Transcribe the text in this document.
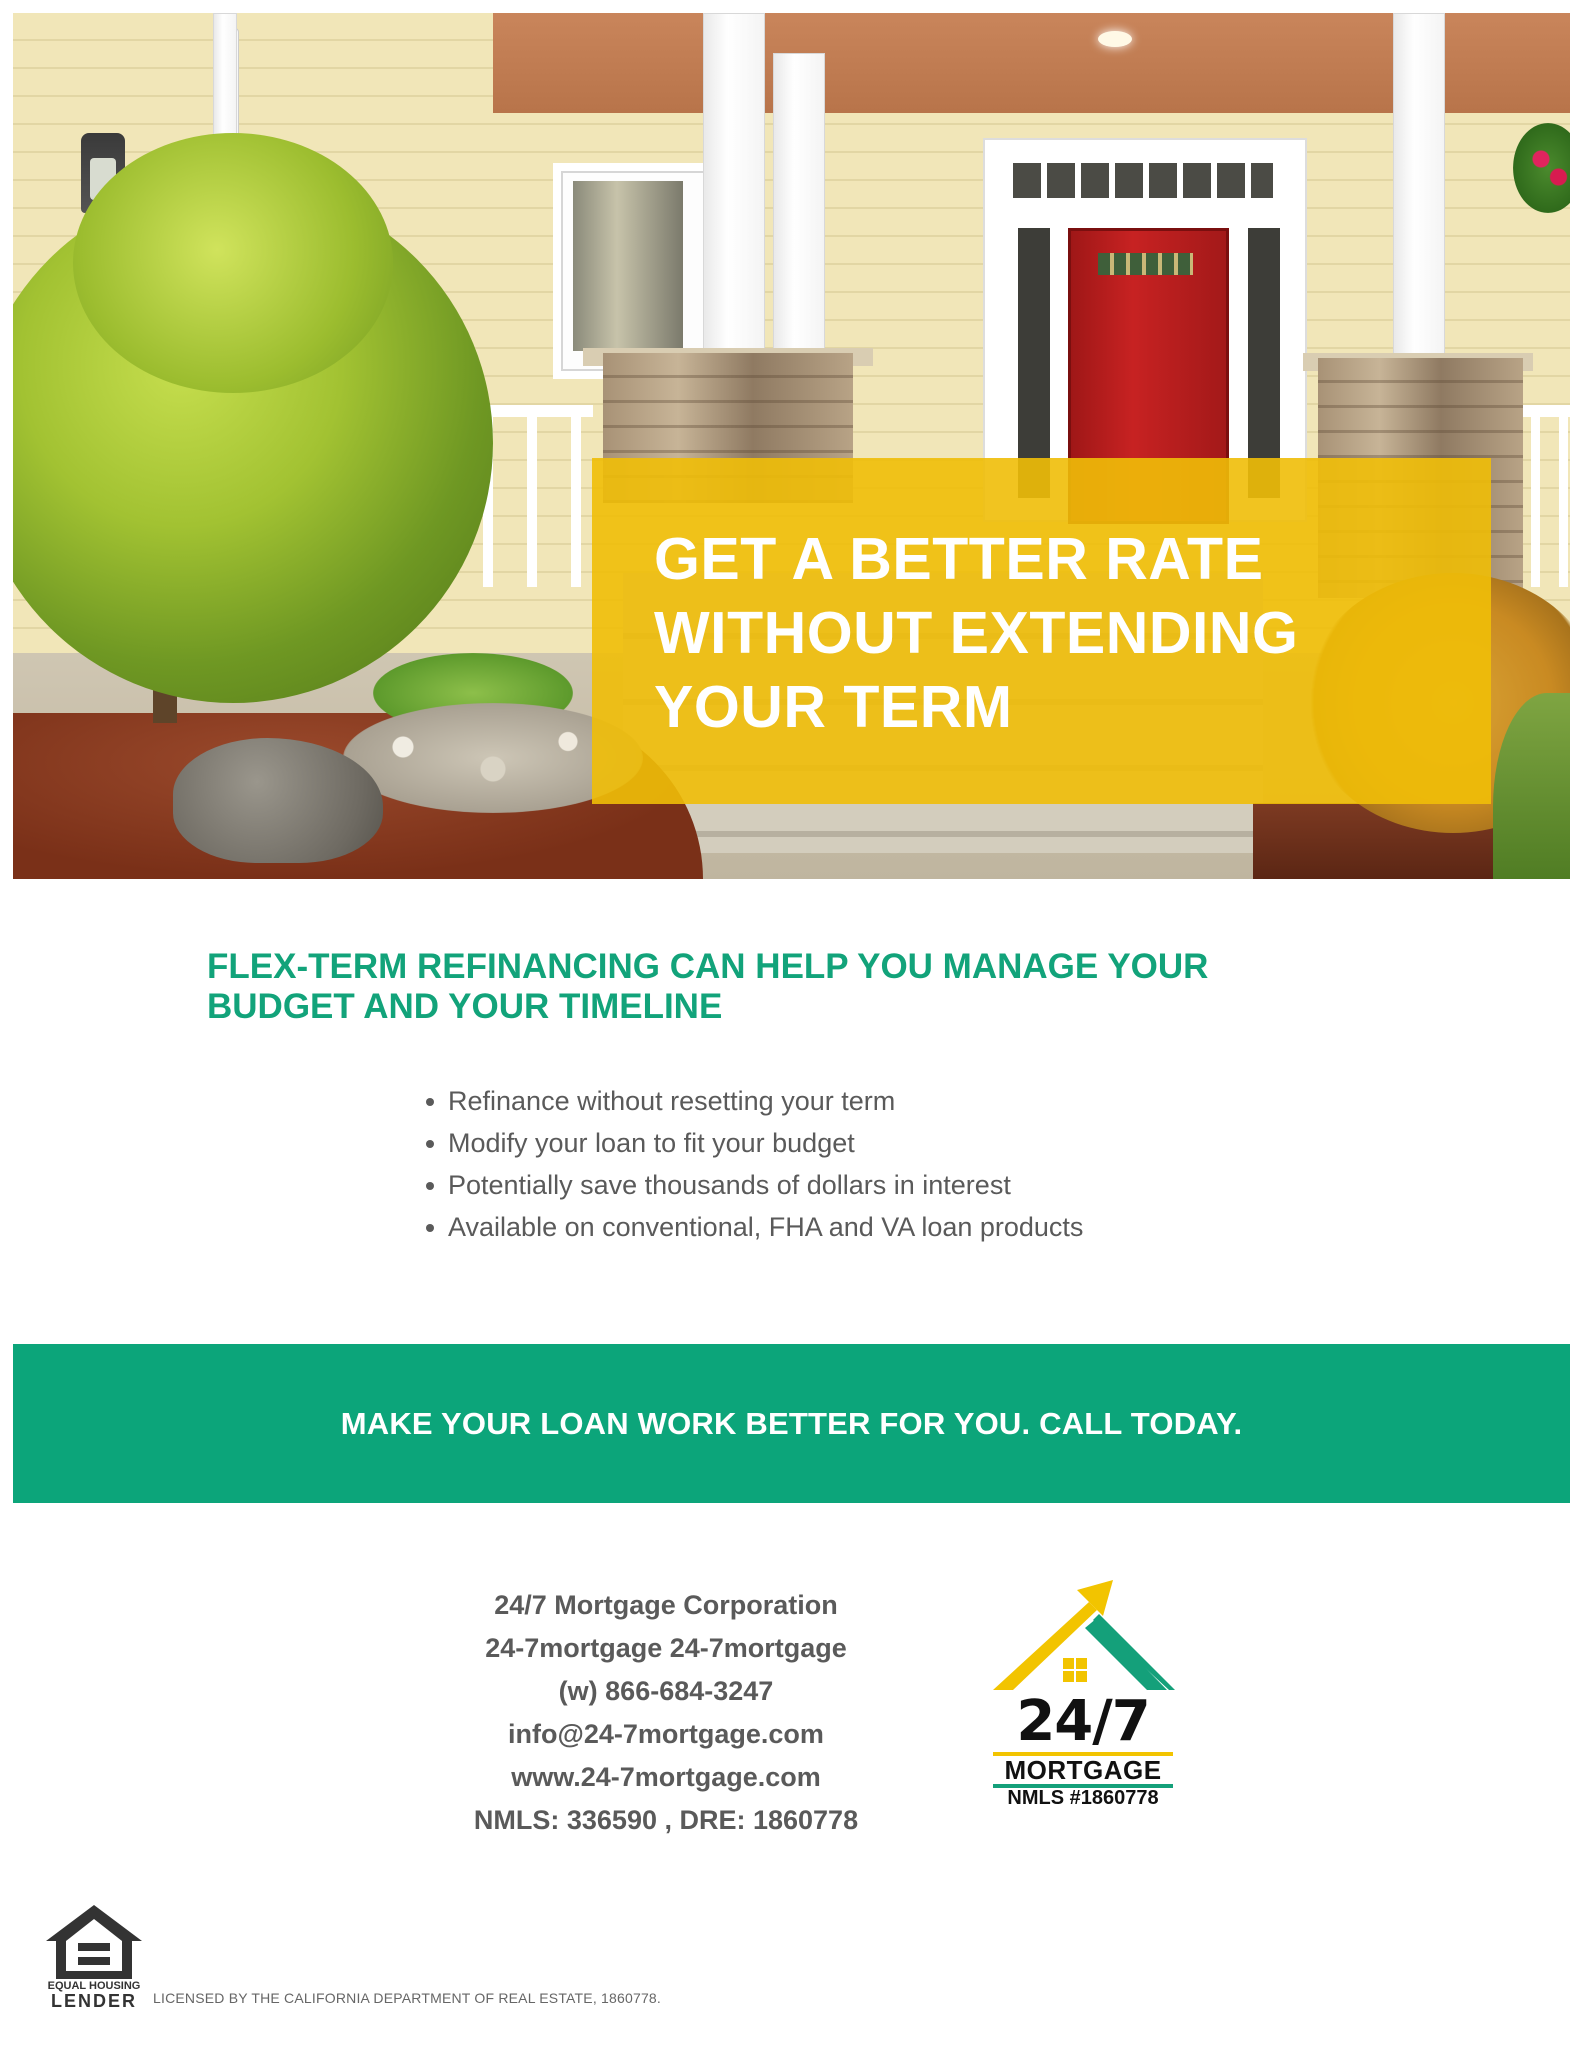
GET A BETTER RATE
WITHOUT EXTENDING
YOUR TERM
FLEX-TERM REFINANCING CAN HELP YOU MANAGE YOUR
BUDGET AND YOUR TIMELINE
Refinance without resetting your term
Modify your loan to fit your budget
Potentially save thousands of dollars in interest
Available on conventional, FHA and VA loan products
MAKE YOUR LOAN WORK BETTER FOR YOU. CALL TODAY.
24/7 Mortgage Corporation
24-7mortgage 24-7mortgage
(w) 866-684-3247
info@24-7mortgage.com
www.24-7mortgage.com
NMLS: 336590 , DRE: 1860778
24/7
MORTGAGE
NMLS #1860778
EQUAL HOUSING
LENDER	LICENSED BY THE CALIFORNIA DEPARTMENT OF REAL ESTATE, 1860778.
